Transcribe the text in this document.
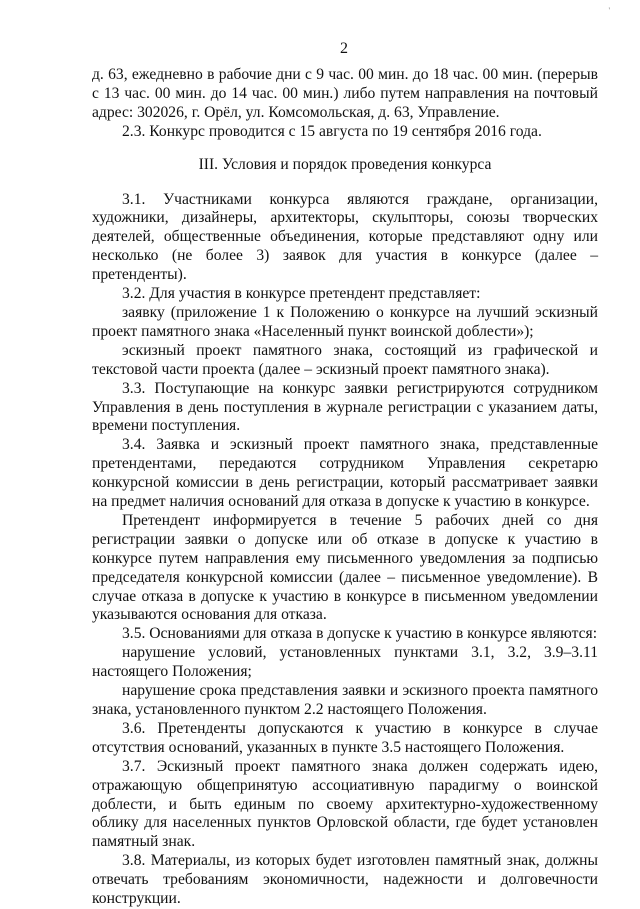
'
2

д. 63, ежедневно в рабочие дни с 9 час. 00 мин. до 18 час. 00 мин. (перерыв с 13 час. 00 мин. до 14 час. 00 мин.) либо путем направления на почтовый адрес: 302026, г. Орёл, ул. Комсомольская, д. 63, Управление.

2.3. Конкурс проводится с 15 августа по 19 сентября 2016 года.

III. Условия и порядок проведения конкурса

3.1. Участниками конкурса являются граждане, организации, художники, дизайнеры, архитекторы, скульпторы, союзы творческих деятелей, общественные объединения, которые представляют одну или несколько (не более 3) заявок для участия в конкурсе (далее – претенденты).

3.2. Для участия в конкурсе претендент представляет:

заявку (приложение 1 к Положению о конкурсе на лучший эскизный проект памятного знака «Населенный пункт воинской доблести»);

эскизный проект памятного знака, состоящий из графической и текстовой части проекта (далее – эскизный проект памятного знака).

3.3. Поступающие на конкурс заявки регистрируются сотрудником Управления в день поступления в журнале регистрации с указанием даты, времени поступления.

3.4. Заявка и эскизный проект памятного знака, представленные претендентами, передаются сотрудником Управления секретарю конкурсной комиссии в день регистрации, который рассматривает заявки на предмет наличия оснований для отказа в допуске к участию в конкурсе.

Претендент информируется в течение 5 рабочих дней со дня регистрации заявки о допуске или об отказе в допуске к участию в конкурсе путем направления ему письменного уведомления за подписью председателя конкурсной комиссии (далее – письменное уведомление). В случае отказа в допуске к участию в конкурсе в письменном уведомлении указываются основания для отказа.

3.5. Основаниями для отказа в допуске к участию в конкурсе являются:

нарушение условий, установленных пунктами 3.1, 3.2, 3.9–3.11 настоящего Положения;

нарушение срока представления заявки и эскизного проекта памятного знака, установленного пунктом 2.2 настоящего Положения.

3.6. Претенденты допускаются к участию в конкурсе в случае отсутствия оснований, указанных в пункте 3.5 настоящего Положения.

3.7. Эскизный проект памятного знака должен содержать идею, отражающую общепринятую ассоциативную парадигму о воинской доблести, и быть единым по своему архитектурно-художественному облику для населенных пунктов Орловской области, где будет установлен памятный знак.

3.8. Материалы, из которых будет изготовлен памятный знак, должны отвечать требованиям экономичности, надежности и долговечности конструкции.
